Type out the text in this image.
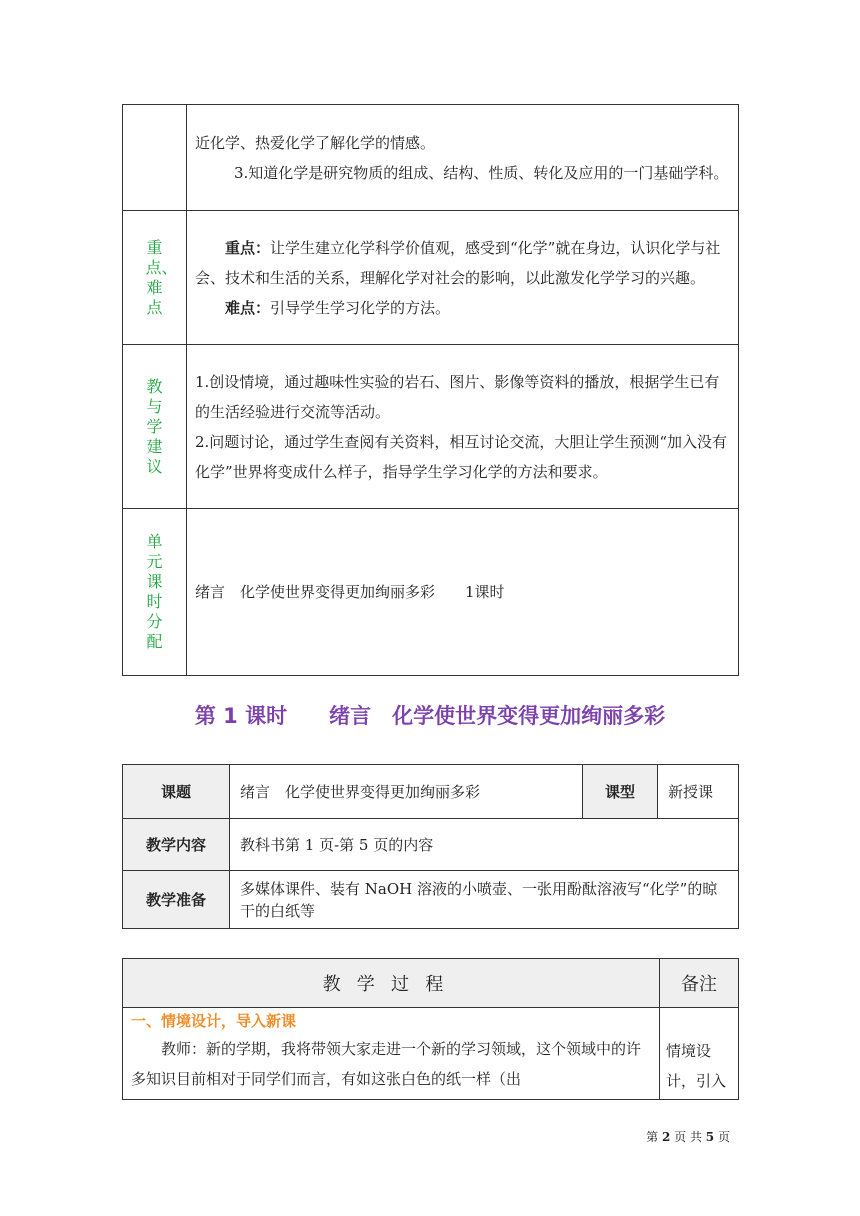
	近化学、热爱化学了解化学的情感。

3.知道化学是研究物质的组成、结构、性质、转化及应用的一门基础学科。

重点、难点	重点：让学生建立化学科学价值观，感受到“化学”就在身边，认识化学与社会、技术和生活的关系，理解化学对社会的影响，以此激发化学学习的兴趣。

难点：引导学生学习化学的方法。

教与学建议	1.创设情境，通过趣味性实验的岩石、图片、影像等资料的播放，根据学生已有的生活经验进行交流等活动。

2.问题讨论，通过学生查阅有关资料，相互讨论交流，大胆让学生预测“加入没有化学”世界将变成什么样子，指导学生学习化学的方法和要求。

单元课时分配	绪言　化学使世界变得更加绚丽多彩　　1课时

第 1 课时　　绪言　化学使世界变得更加绚丽多彩
课题	绪言　化学使世界变得更加绚丽多彩	课型	新授课
教学内容	教科书第 1 页-第 5 页的内容		
教学准备	多媒体课件、装有 NaOH 溶液的小喷壶、一张用酚酞溶液写“化学”的晾干的白纸等		
教学过程	备注

一、情境设计，导入新课

教师：新的学期，我将带领大家走进一个新的学习领域，这个领域中的许多知识目前相对于同学们而言，有如这张白色的纸一样（出	情境设计，引入

第 2 页 共 5 页
